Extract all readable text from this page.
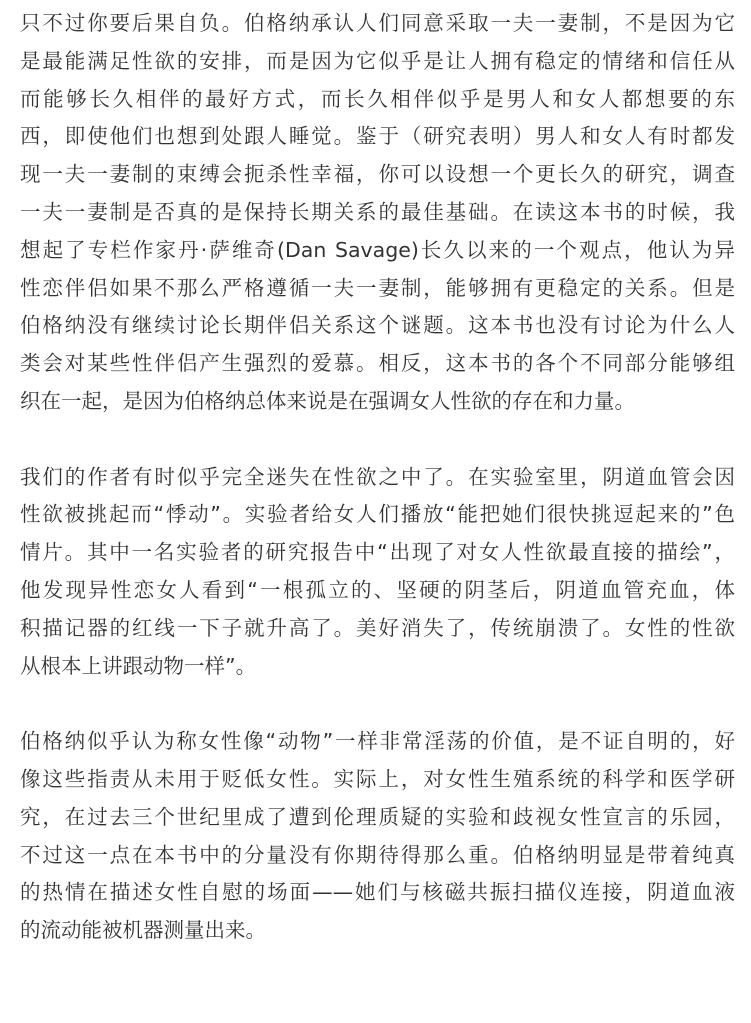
只不过你要后果自负。伯格纳承认人们同意采取一夫一妻制，不是因为它
是最能满足性欲的安排，而是因为它似乎是让人拥有稳定的情绪和信任从
而能够长久相伴的最好方式，而长久相伴似乎是男人和女人都想要的东
西，即使他们也想到处跟人睡觉。鉴于（研究表明）男人和女人有时都发
现一夫一妻制的束缚会扼杀性幸福，你可以设想一个更长久的研究，调查
一夫一妻制是否真的是保持长期关系的最佳基础。在读这本书的时候，我
想起了专栏作家丹·萨维奇(Dan Savage)长久以来的一个观点，他认为异
性恋伴侣如果不那么严格遵循一夫一妻制，能够拥有更稳定的关系。但是
伯格纳没有继续讨论长期伴侣关系这个谜题。这本书也没有讨论为什么人
类会对某些性伴侣产生强烈的爱慕。相反，这本书的各个不同部分能够组
织在一起，是因为伯格纳总体来说是在强调女人性欲的存在和力量。

我们的作者有时似乎完全迷失在性欲之中了。在实验室里，阴道血管会因
性欲被挑起而“悸动”。实验者给女人们播放“能把她们很快挑逗起来的”色
情片。其中一名实验者的研究报告中“出现了对女人性欲最直接的描绘”，
他发现异性恋女人看到“一根孤立的、坚硬的阴茎后，阴道血管充血，体
积描记器的红线一下子就升高了。美好消失了，传统崩溃了。女性的性欲
从根本上讲跟动物一样”。

伯格纳似乎认为称女性像“动物”一样非常淫荡的价值，是不证自明的，好
像这些指责从未用于贬低女性。实际上，对女性生殖系统的科学和医学研
究，在过去三个世纪里成了遭到伦理质疑的实验和歧视女性宣言的乐园，
不过这一点在本书中的分量没有你期待得那么重。伯格纳明显是带着纯真
的热情在描述女性自慰的场面——她们与核磁共振扫描仪连接，阴道血液
的流动能被机器测量出来。
